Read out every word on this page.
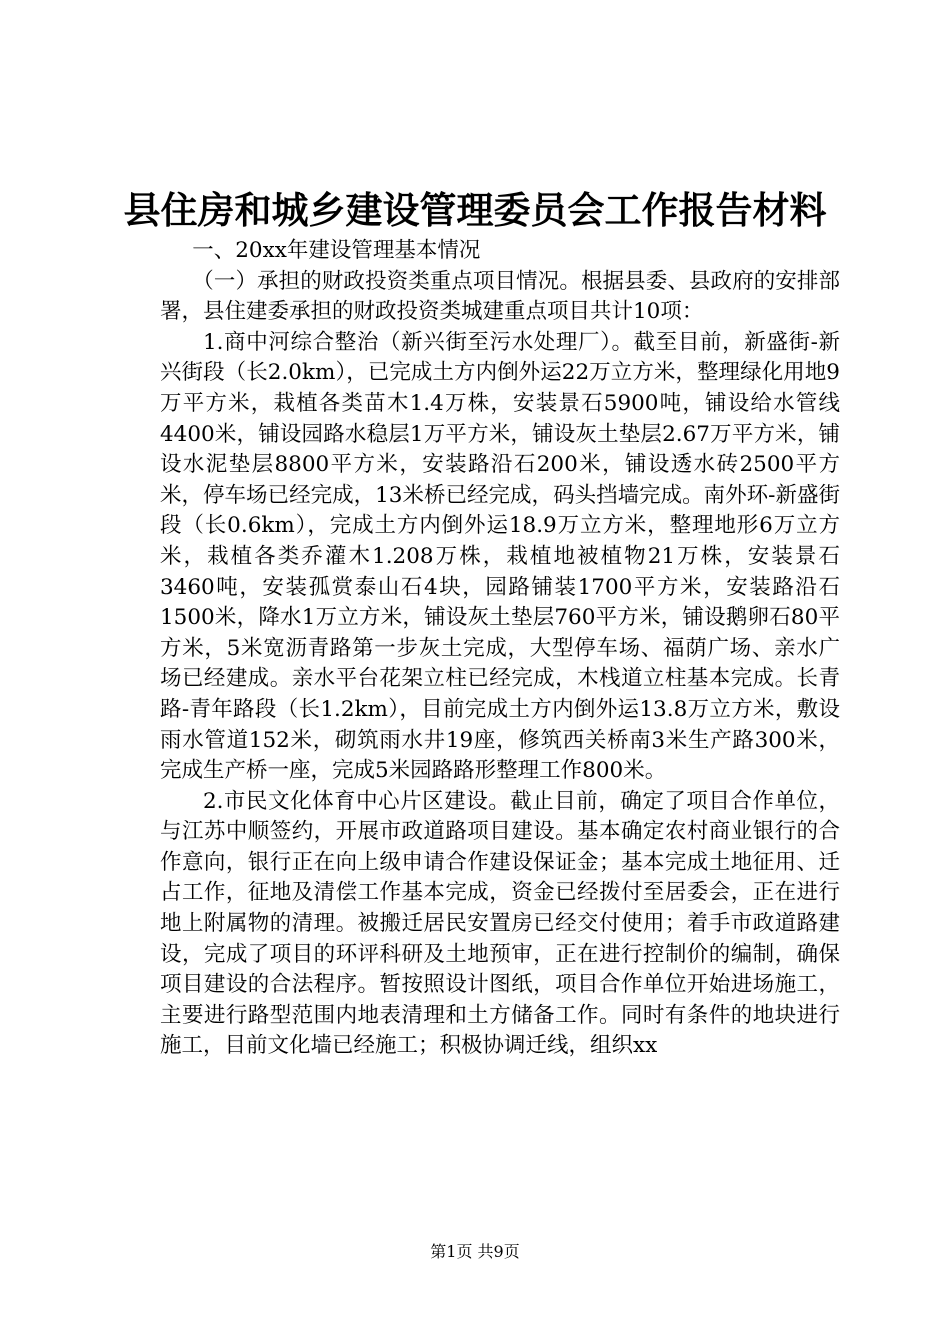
县住房和城乡建设管理委员会工作报告材料

一、20xx年建设管理基本情况

（一）承担的财政投资类重点项目情况。根据县委、县政府的安排部署，县住建委承担的财政投资类城建重点项目共计10项：

1.商中河综合整治（新兴街至污水处理厂）。截至目前，新盛街-新兴街段（长2.0km），已完成土方内倒外运22万立方米，整理绿化用地9万平方米，栽植各类苗木1.4万株，安装景石5900吨，铺设给水管线4400米，铺设园路水稳层1万平方米，铺设灰土垫层2.67万平方米，铺设水泥垫层8800平方米，安装路沿石200米，铺设透水砖2500平方米，停车场已经完成，13米桥已经完成，码头挡墙完成。南外环-新盛街段（长0.6km），完成土方内倒外运18.9万立方米，整理地形6万立方米，栽植各类乔灌木1.208万株，栽植地被植物21万株，安装景石3460吨，安装孤赏泰山石4块，园路铺装1700平方米，安装路沿石1500米，降水1万立方米，铺设灰土垫层760平方米，铺设鹅卵石80平方米，5米宽沥青路第一步灰土完成，大型停车场、福荫广场、亲水广场已经建成。亲水平台花架立柱已经完成，木栈道立柱基本完成。长青路-青年路段（长1.2km），目前完成土方内倒外运13.8万立方米，敷设雨水管道152米，砌筑雨水井19座，修筑西关桥南3米生产路300米，完成生产桥一座，完成5米园路路形整理工作800米。

2.市民文化体育中心片区建设。截止目前，确定了项目合作单位，与江苏中顺签约，开展市政道路项目建设。基本确定农村商业银行的合作意向，银行正在向上级申请合作建设保证金；基本完成土地征用、迁占工作，征地及清偿工作基本完成，资金已经拨付至居委会，正在进行地上附属物的清理。被搬迁居民安置房已经交付使用；着手市政道路建设，完成了项目的环评科研及土地预审，正在进行控制价的编制，确保项目建设的合法程序。暂按照设计图纸，项目合作单位开始进场施工，主要进行路型范围内地表清理和土方储备工作。同时有条件的地块进行施工，目前文化墙已经施工；积极协调迁线，组织xx

第1页 共9页
